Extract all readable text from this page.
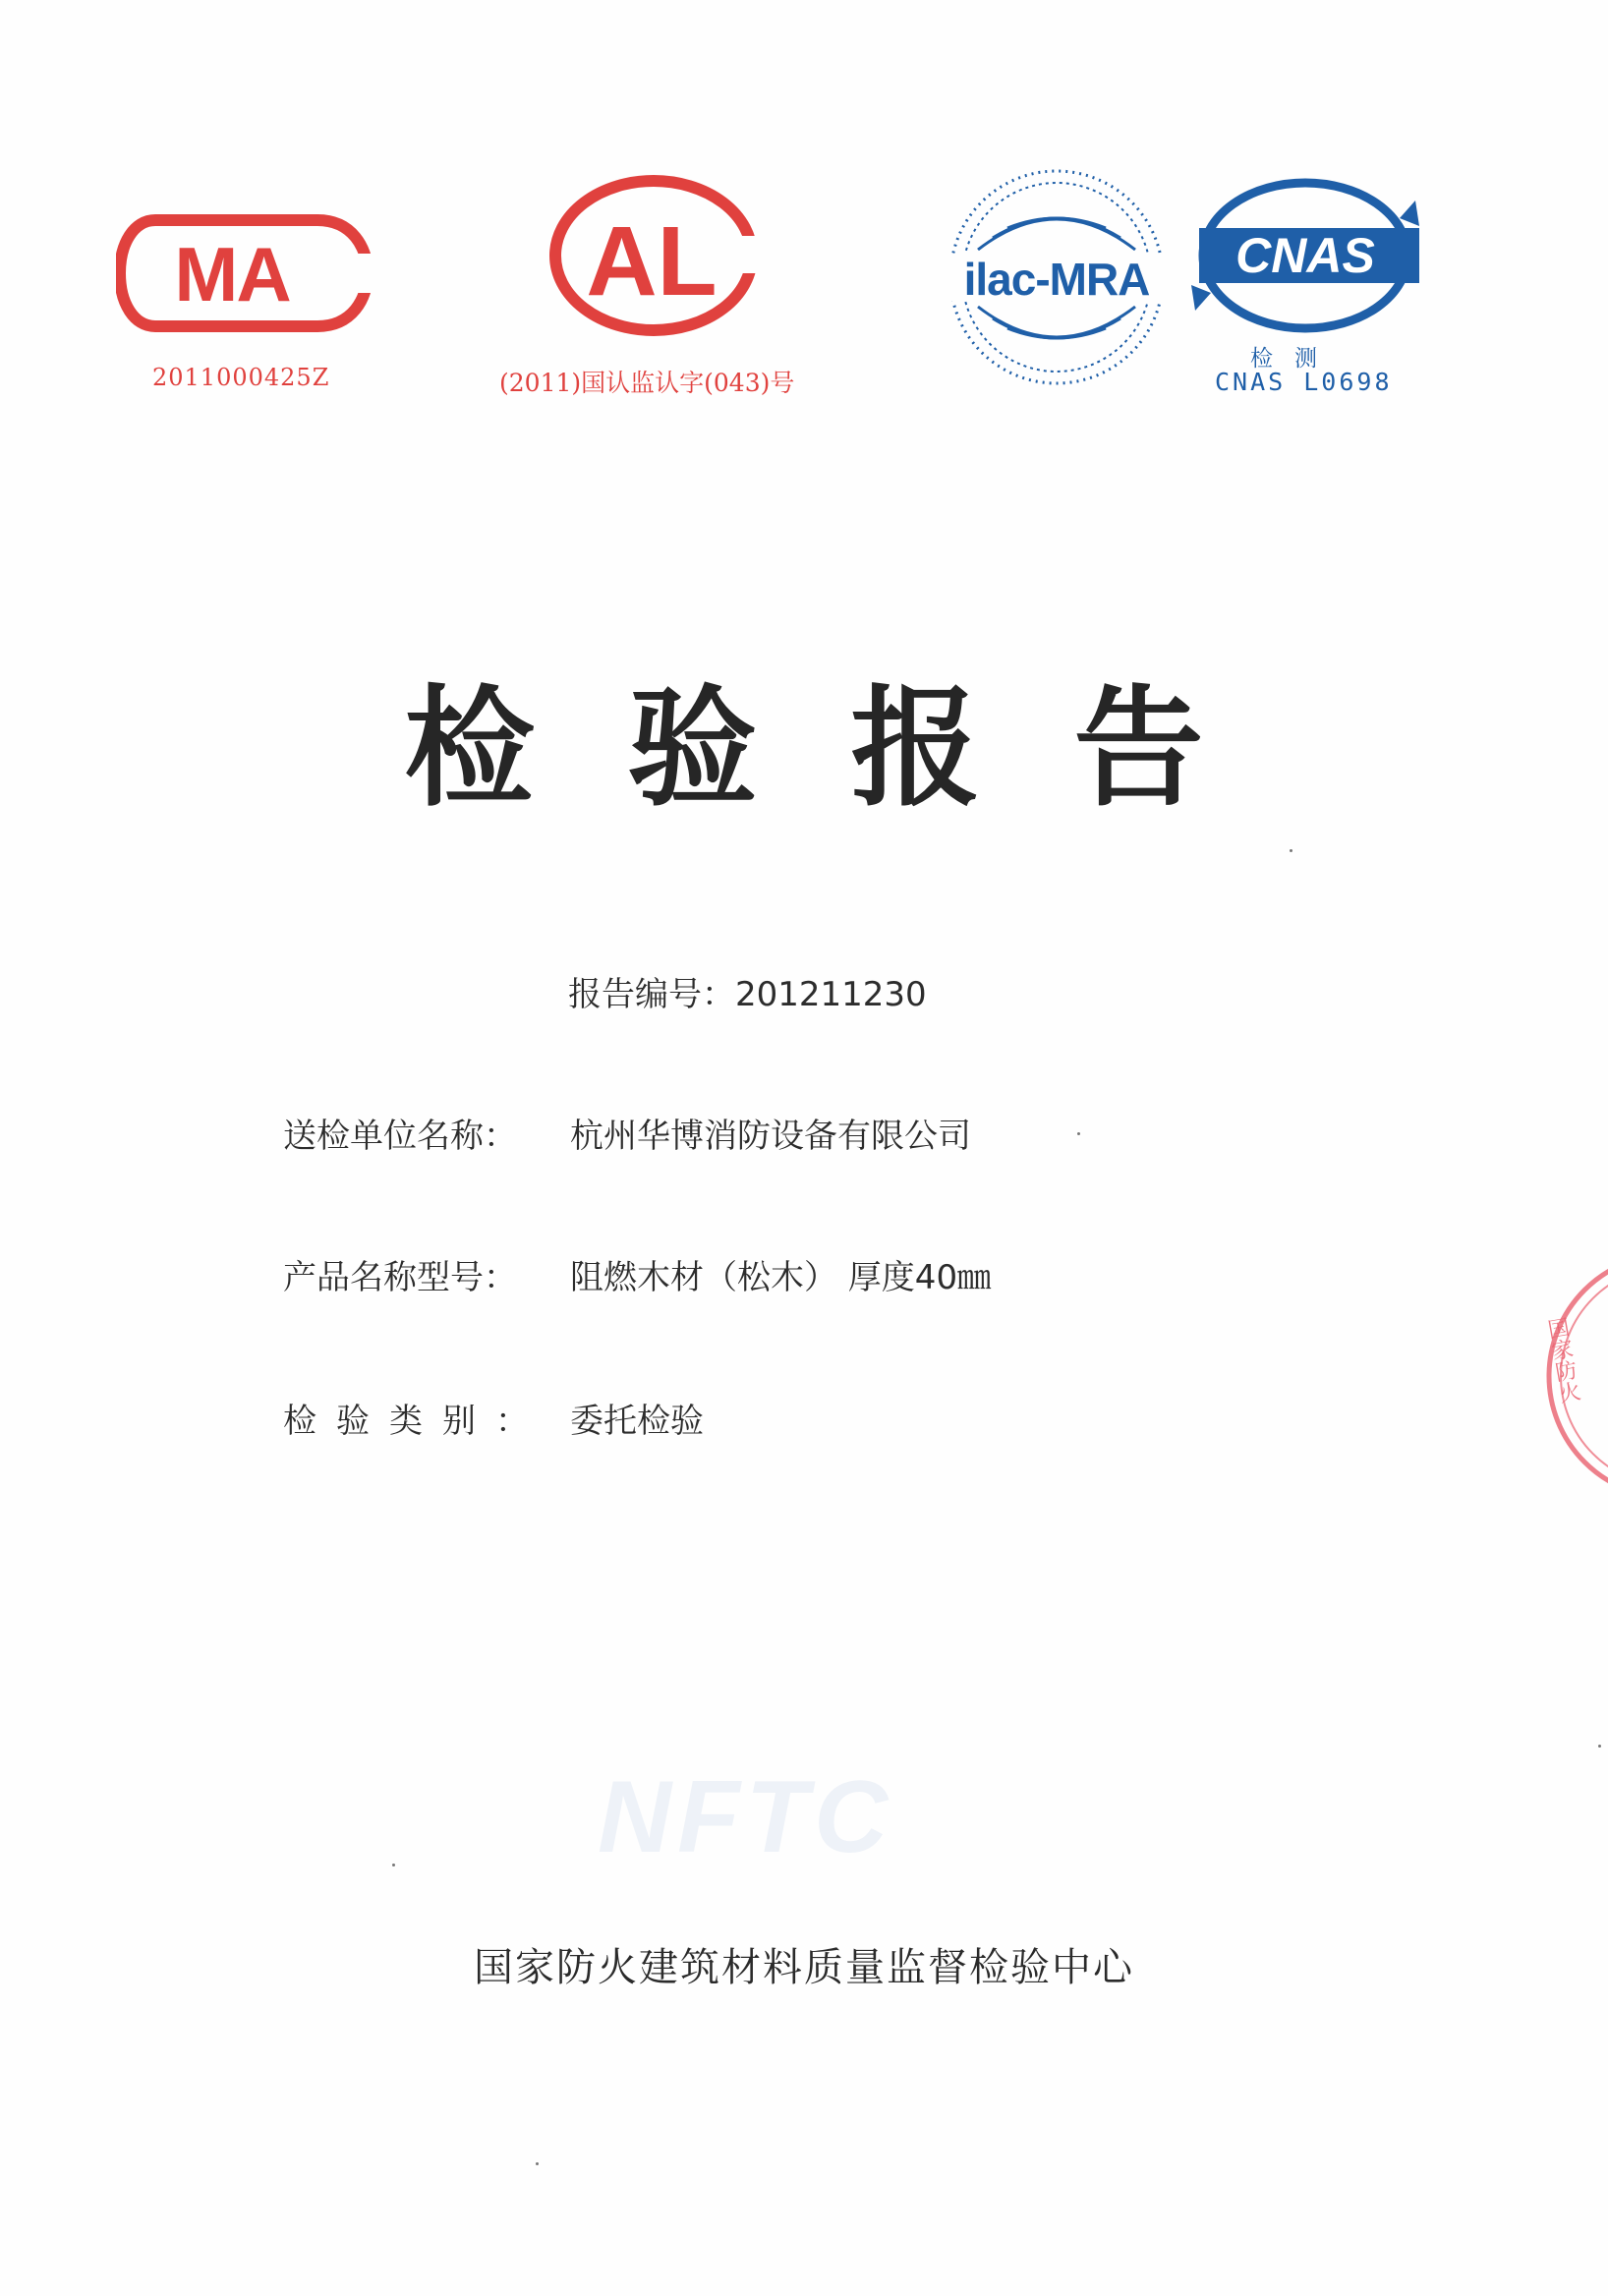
MA
2011000425Z
AL
(2011)国认监认字(043)号
ilac-MRA CNAS
检测
CNAS L0698
检 验 报 告
报告编号：201211230
送检单位名称： 杭州华博消防设备有限公司
产品名称型号： 阻燃木材（松木） 厚度40㎜
检验类别： 委托检验
NFTC
国家防火建筑材料质量监督检验中心
国家防火
